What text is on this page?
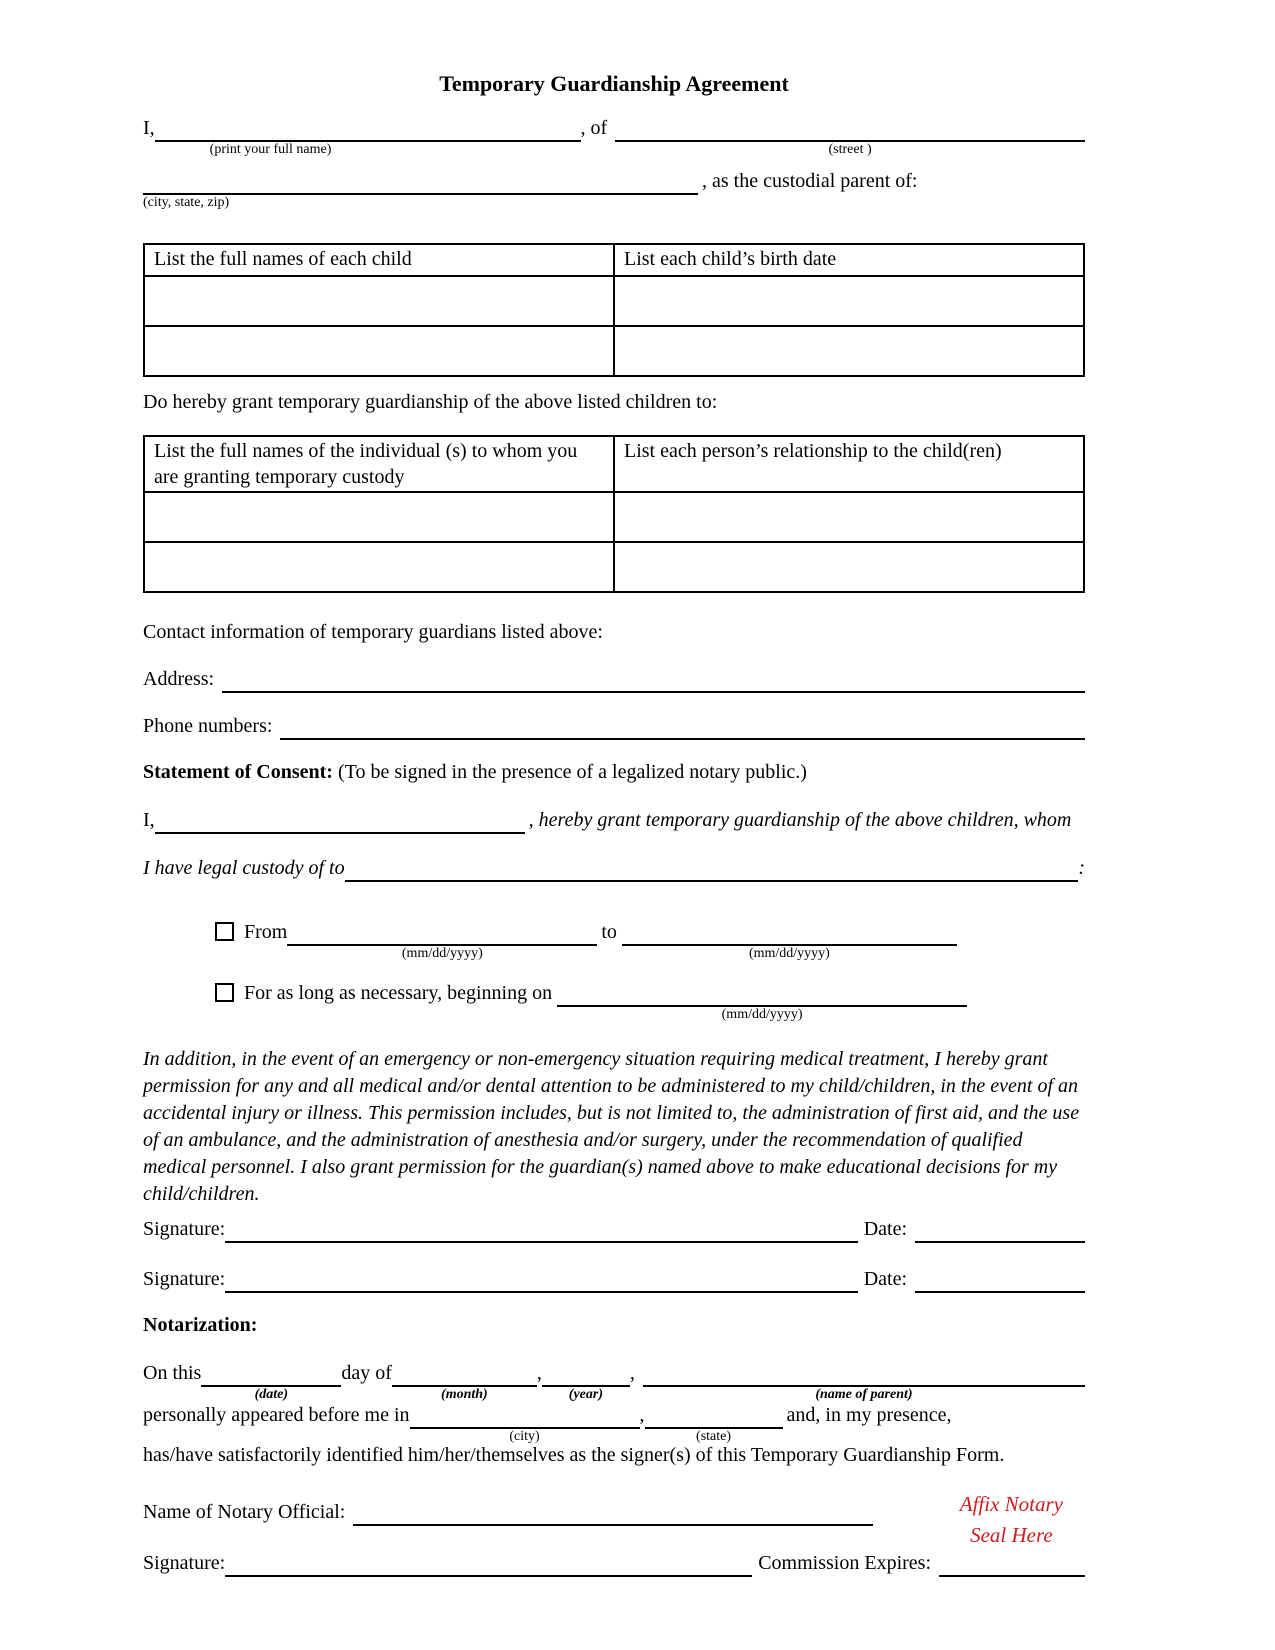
Temporary Guardianship Agreement
I,

(print your full name)

, of

(street )

(city, state, zip)

, as the custodial parent of:
List the full names of each child	List each child’s birth date

Do hereby grant temporary guardianship of the above listed children to:
List the full names of the individual (s) to whom you are granting temporary custody	List each person’s relationship to the child(ren)

Contact information of temporary guardians listed above:
Address:
Phone numbers:
Statement of Consent: (To be signed in the presence of a legalized notary public.)
I,	, hereby grant temporary guardianship of the above children, whom
I have legal custody of to	:
From

(mm/dd/yyyy)

to

(mm/dd/yyyy)

For as long as necessary, beginning on

(mm/dd/yyyy)

In addition, in the event of an emergency or non-emergency situation requiring medical treatment, I hereby grant permission for any and all medical and/or dental attention to be administered to my child/children, in the event of an accidental injury or illness. This permission includes, but is not limited to, the administration of first aid, and the use of an ambulance, and the administration of anesthesia and/or surgery, under the recommendation of qualified medical personnel. I also grant permission for the guardian(s) named above to make educational decisions for my child/children.
Signature:	Date:
Signature:	Date:
Notarization:
On this

(date)

day of

(month)

,

(year)

,

(name of parent)

personally appeared before me in

(city)

,

(state)

and, in my presence,
has/have satisfactorily identified him/her/themselves as the signer(s) of this Temporary Guardianship Form.
Affix Notary
Seal Here
Name of Notary Official:
Signature:	Commission Expires:
